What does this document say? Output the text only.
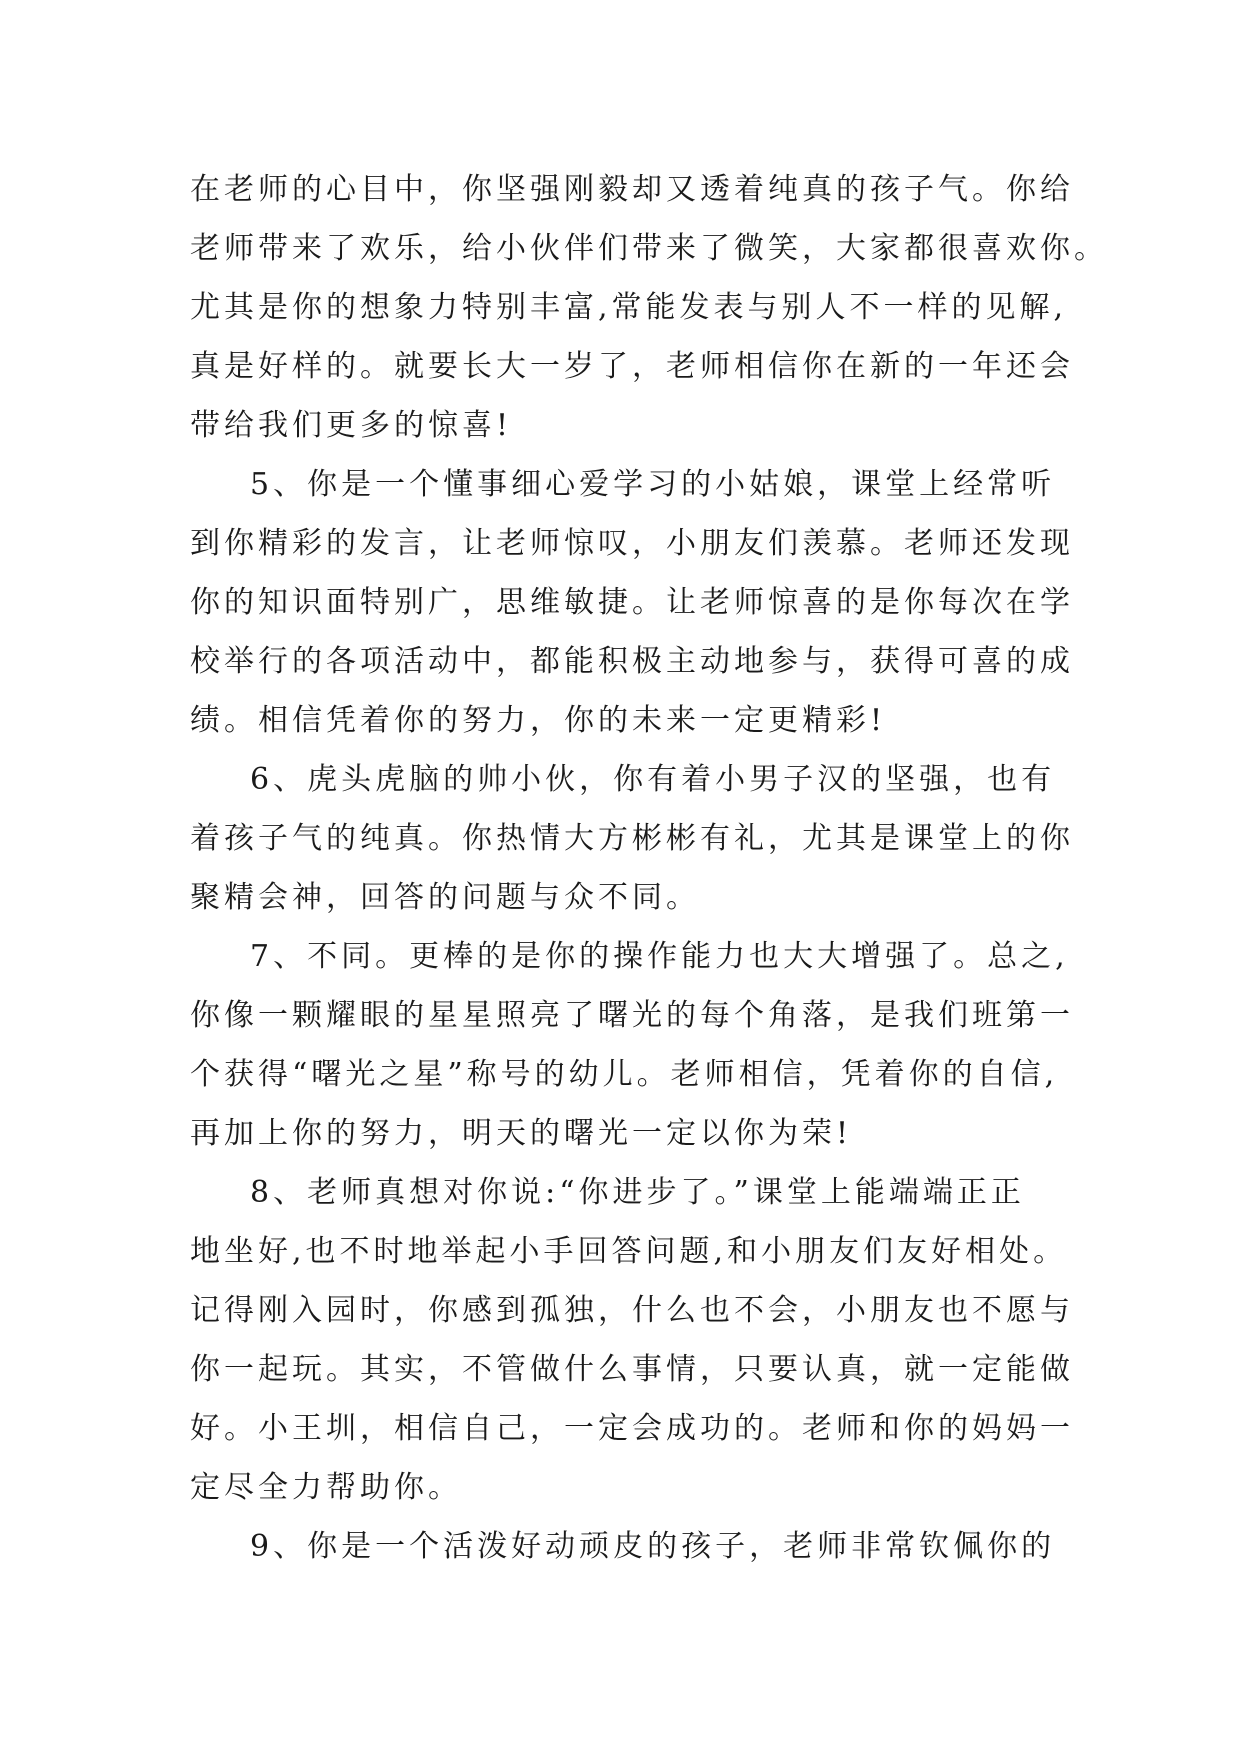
在老师的心目中，你坚强刚毅却又透着纯真的孩子气。你给
老师带来了欢乐，给小伙伴们带来了微笑，大家都很喜欢你。
尤其是你的想象力特别丰富,常能发表与别人不一样的见解,
真是好样的。就要长大一岁了，老师相信你在新的一年还会
带给我们更多的惊喜!
5、你是一个懂事细心爱学习的小姑娘，课堂上经常听
到你精彩的发言，让老师惊叹，小朋友们羡慕。老师还发现
你的知识面特别广，思维敏捷。让老师惊喜的是你每次在学
校举行的各项活动中，都能积极主动地参与，获得可喜的成
绩。相信凭着你的努力，你的未来一定更精彩!
6、虎头虎脑的帅小伙，你有着小男子汉的坚强，也有
着孩子气的纯真。你热情大方彬彬有礼，尤其是课堂上的你
聚精会神，回答的问题与众不同。
7、不同。更棒的是你的操作能力也大大增强了。总之,
你像一颗耀眼的星星照亮了曙光的每个角落，是我们班第一
个获得“曙光之星”称号的幼儿。老师相信，凭着你的自信,
再加上你的努力，明天的曙光一定以你为荣!
8、老师真想对你说:“你进步了。”课堂上能端端正正
地坐好,也不时地举起小手回答问题,和小朋友们友好相处。
记得刚入园时，你感到孤独，什么也不会，小朋友也不愿与
你一起玩。其实，不管做什么事情，只要认真，就一定能做
好。小王圳，相信自己，一定会成功的。老师和你的妈妈一
定尽全力帮助你。
9、你是一个活泼好动顽皮的孩子，老师非常钦佩你的
